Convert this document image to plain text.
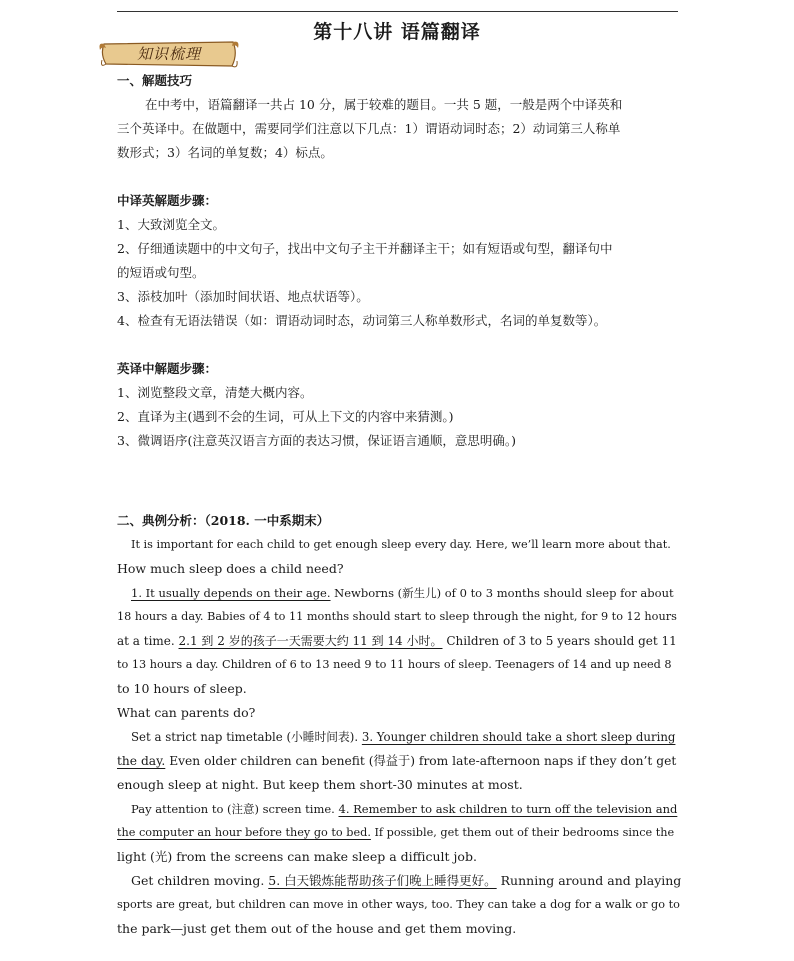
第十八讲 语篇翻译
知识梳理
一、解题技巧
在中考中，语篇翻译一共占 10 分，属于较难的题目。一共 5 题，一般是两个中译英和
三个英译中。在做题中，需要同学们注意以下几点：1）谓语动词时态；2）动词第三人称单
数形式；3）名词的单复数；4）标点。
中译英解题步骤：
1、大致浏览全文。
2、仔细通读题中的中文句子，找出中文句子主干并翻译主干；如有短语或句型，翻译句中
的短语或句型。
3、添枝加叶（添加时间状语、地点状语等）。
4、检查有无语法错误（如：谓语动词时态，动词第三人称单数形式，名词的单复数等）。
英译中解题步骤：
1、浏览整段文章，清楚大概内容。
2、直译为主(遇到不会的生词，可从上下文的内容中来猜测。)
3、微调语序(注意英汉语言方面的表达习惯，保证语言通顺，意思明确。)
二、典例分析：（2018. 一中系期末）
It is important for each child to get enough sleep every day. Here, we’ll learn more about that.
How much sleep does a child need?
1. It usually depends on their age. Newborns (新生儿) of 0 to 3 months should sleep for about
18 hours a day. Babies of 4 to 11 months should start to sleep through the night, for 9 to 12 hours
at a time. 2.1 到 2 岁的孩子一天需要大约 11 到 14 小时。 Children of 3 to 5 years should get 11
to 13 hours a day. Children of 6 to 13 need 9 to 11 hours of sleep. Teenagers of 14 and up need 8
to 10 hours of sleep.
What can parents do?
Set a strict nap timetable (小睡时间表). 3. Younger children should take a short sleep during
the day. Even older children can benefit (得益于) from late-afternoon naps if they don’t get
enough sleep at night. But keep them short-30 minutes at most.
Pay attention to (注意) screen time. 4. Remember to ask children to turn off the television and
the computer an hour before they go to bed. If possible, get them out of their bedrooms since the
light (光) from the screens can make sleep a difficult job.
Get children moving. 5. 白天锻炼能帮助孩子们晚上睡得更好。 Running around and playing
sports are great, but children can move in other ways, too. They can take a dog for a walk or go to
the park—just get them out of the house and get them moving.
